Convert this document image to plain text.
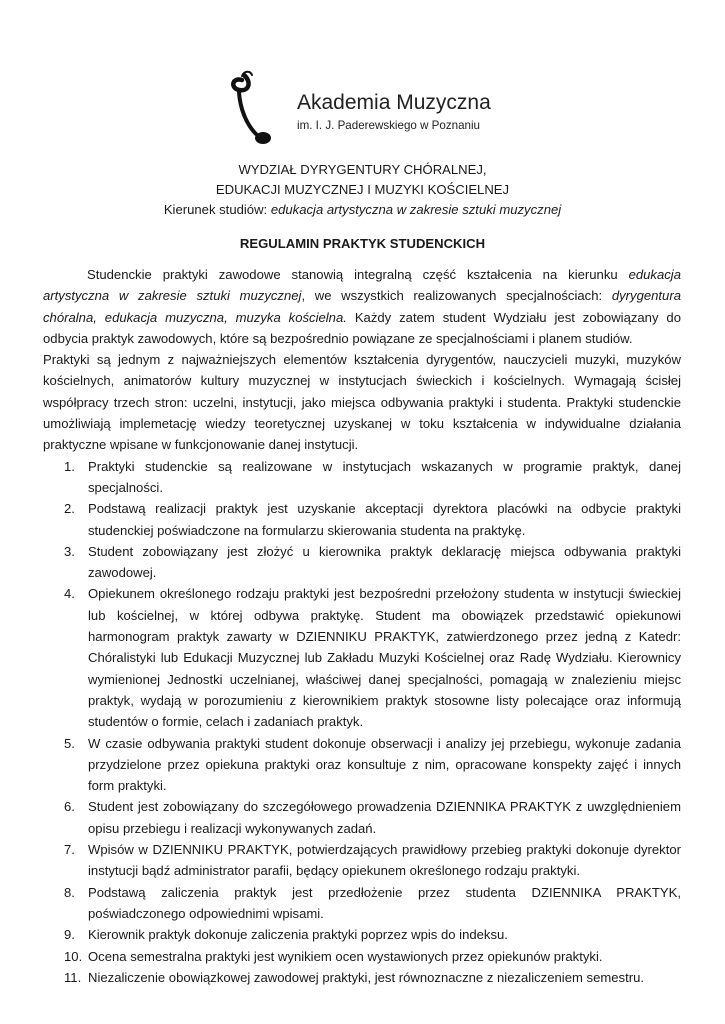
Akademia Muzyczna
im. I. J. Paderewskiego w Poznaniu
WYDZIAŁ DYRYGENTURY CHÓRALNEJ,
EDUKACJI MUZYCZNEJ I MUZYKI KOŚCIELNEJ
Kierunek studiów: edukacja artystyczna w zakresie sztuki muzycznej
REGULAMIN PRAKTYK STUDENCKICH

Studenckie praktyki zawodowe stanowią integralną część kształcenia na kierunku edukacja artystyczna w zakresie sztuki muzycznej, we wszystkich realizowanych specjalnościach: dyrygentura chóralna, edukacja muzyczna, muzyka kościelna. Każdy zatem student Wydziału jest zobowiązany do odbycia praktyk zawodowych, które są bezpośrednio powiązane ze specjalnościami i planem studiów.

Praktyki są jednym z najważniejszych elementów kształcenia dyrygentów, nauczycieli muzyki, muzyków kościelnych, animatorów kultury muzycznej w instytucjach świeckich i kościelnych. Wymagają ścisłej współpracy trzech stron: uczelni, instytucji, jako miejsca odbywania praktyki i studenta. Praktyki studenckie umożliwiają implemetację wiedzy teoretycznej uzyskanej w toku kształcenia w indywidualne działania praktyczne wpisane w funkcjonowanie danej instytucji.

1. Praktyki studenckie są realizowane w instytucjach wskazanych w programie praktyk, danej specjalności.
2. Podstawą realizacji praktyk jest uzyskanie akceptacji dyrektora placówki na odbycie praktyki studenckiej poświadczone na formularzu skierowania studenta na praktykę.
3. Student zobowiązany jest złożyć u kierownika praktyk deklarację miejsca odbywania praktyki zawodowej.
4. Opiekunem określonego rodzaju praktyki jest bezpośredni przełożony studenta w instytucji świeckiej lub kościelnej, w której odbywa praktykę. Student ma obowiązek przedstawić opiekunowi harmonogram praktyk zawarty w DZIENNIKU PRAKTYK, zatwierdzonego przez jedną z Katedr: Chóralistyki lub Edukacji Muzycznej lub Zakładu Muzyki Kościelnej oraz Radę Wydziału. Kierownicy wymienionej Jednostki uczelnianej, właściwej danej specjalności, pomagają w znalezieniu miejsc praktyk, wydają w porozumieniu z kierownikiem praktyk stosowne listy polecające oraz informują studentów o formie, celach i zadaniach praktyk.
5. W czasie odbywania praktyki student dokonuje obserwacji i analizy jej przebiegu, wykonuje zadania przydzielone przez opiekuna praktyki oraz konsultuje z nim, opracowane konspekty zajęć i innych form praktyki.
6. Student jest zobowiązany do szczegółowego prowadzenia DZIENNIKA PRAKTYK z uwzględnieniem opisu przebiegu i realizacji wykonywanych zadań.
7. Wpisów w DZIENNIKU PRAKTYK, potwierdzających prawidłowy przebieg praktyki dokonuje dyrektor instytucji bądź administrator parafii, będący opiekunem określonego rodzaju praktyki.
8. Podstawą zaliczenia praktyk jest przedłożenie przez studenta DZIENNIKA PRAKTYK, poświadczonego odpowiednimi wpisami.
9. Kierownik praktyk dokonuje zaliczenia praktyki poprzez wpis do indeksu.
10. Ocena semestralna praktyki jest wynikiem ocen wystawionych przez opiekunów praktyki.
11. Niezaliczenie obowiązkowej zawodowej praktyki, jest równoznaczne z niezaliczeniem semestru.
